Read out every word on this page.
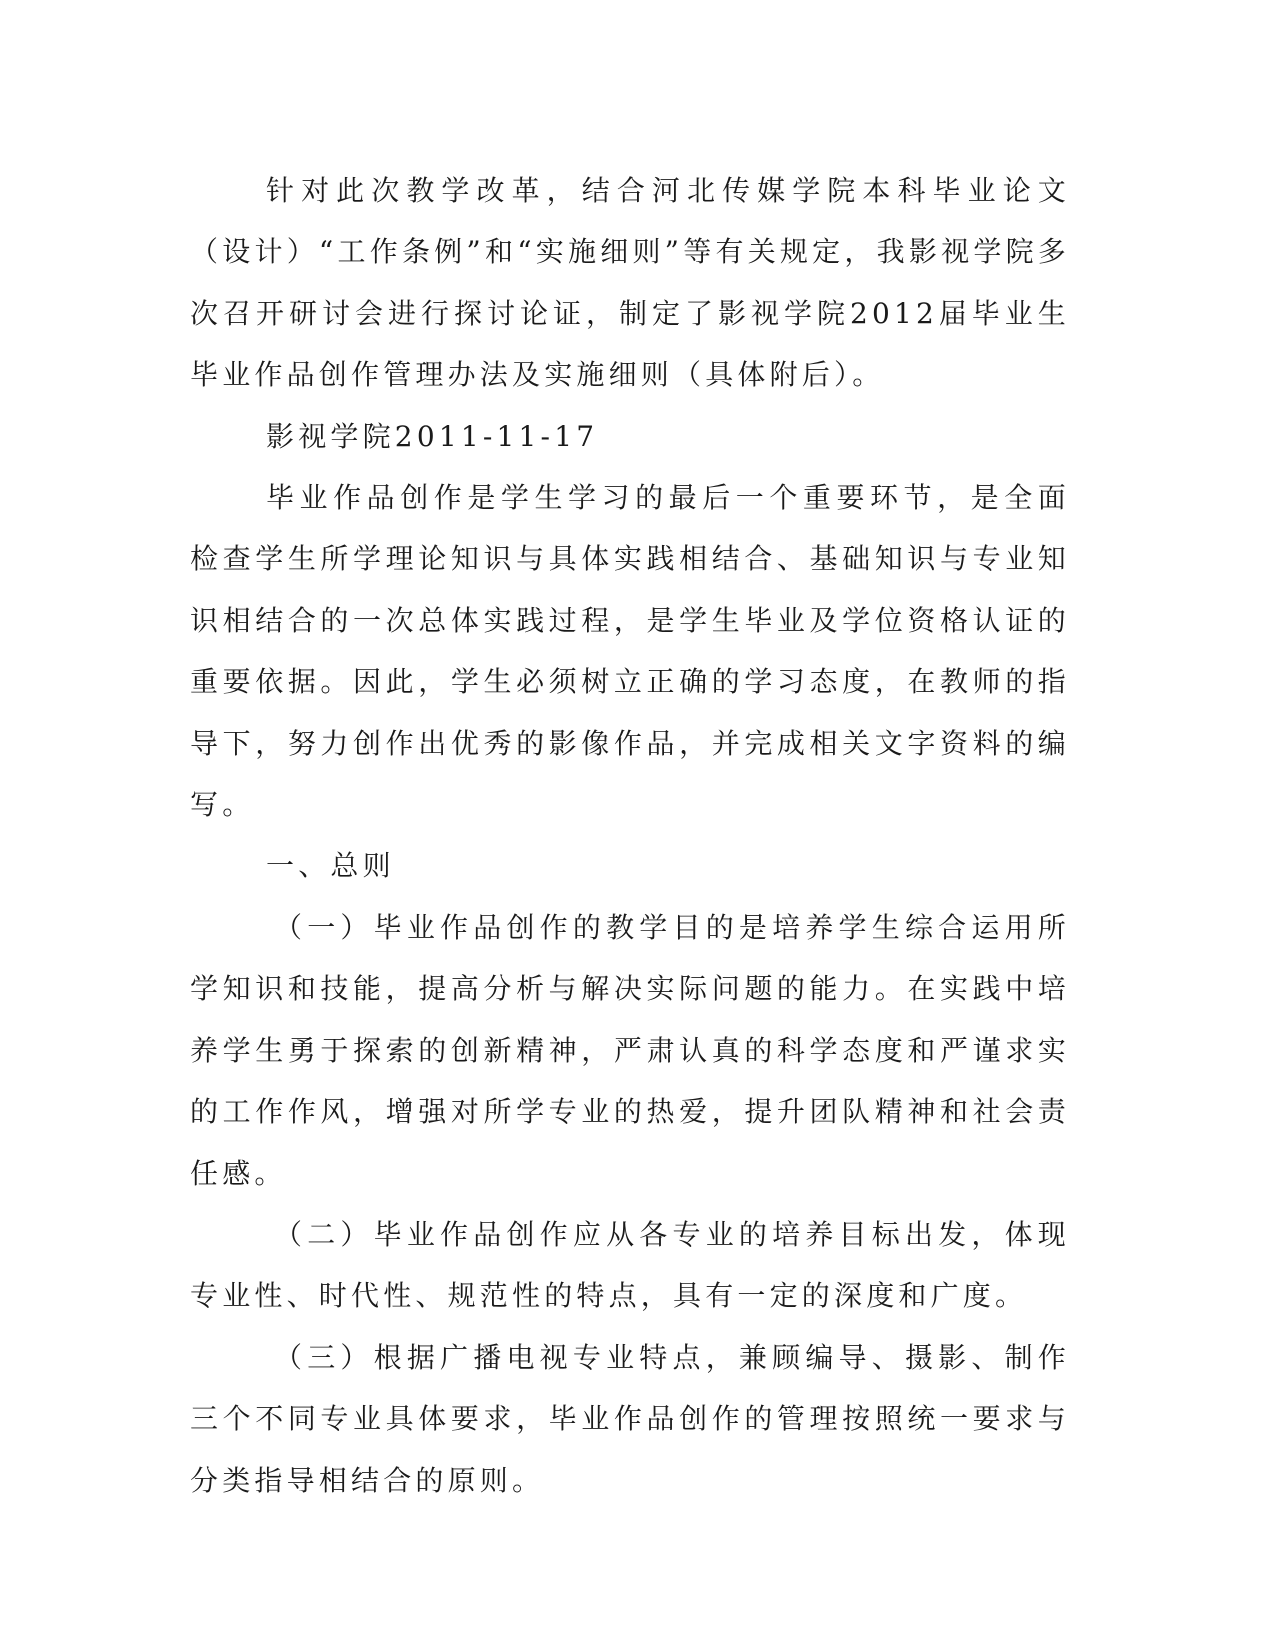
针对此次教学改革，结合河北传媒学院本科毕业论文（设计）“工作条例”和“实施细则”等有关规定，我影视学院多次召开研讨会进行探讨论证，制定了影视学院2012届毕业生毕业作品创作管理办法及实施细则（具体附后）。

影视学院2011-11-17

毕业作品创作是学生学习的最后一个重要环节，是全面检查学生所学理论知识与具体实践相结合、基础知识与专业知识相结合的一次总体实践过程，是学生毕业及学位资格认证的重要依据。因此，学生必须树立正确的学习态度，在教师的指导下，努力创作出优秀的影像作品，并完成相关文字资料的编写。

一、总则

（一）毕业作品创作的教学目的是培养学生综合运用所学知识和技能，提高分析与解决实际问题的能力。在实践中培养学生勇于探索的创新精神，严肃认真的科学态度和严谨求实的工作作风，增强对所学专业的热爱，提升团队精神和社会责任感。

（二）毕业作品创作应从各专业的培养目标出发，体现专业性、时代性、规范性的特点，具有一定的深度和广度。

（三）根据广播电视专业特点，兼顾编导、摄影、制作三个不同专业具体要求，毕业作品创作的管理按照统一要求与分类指导相结合的原则。
